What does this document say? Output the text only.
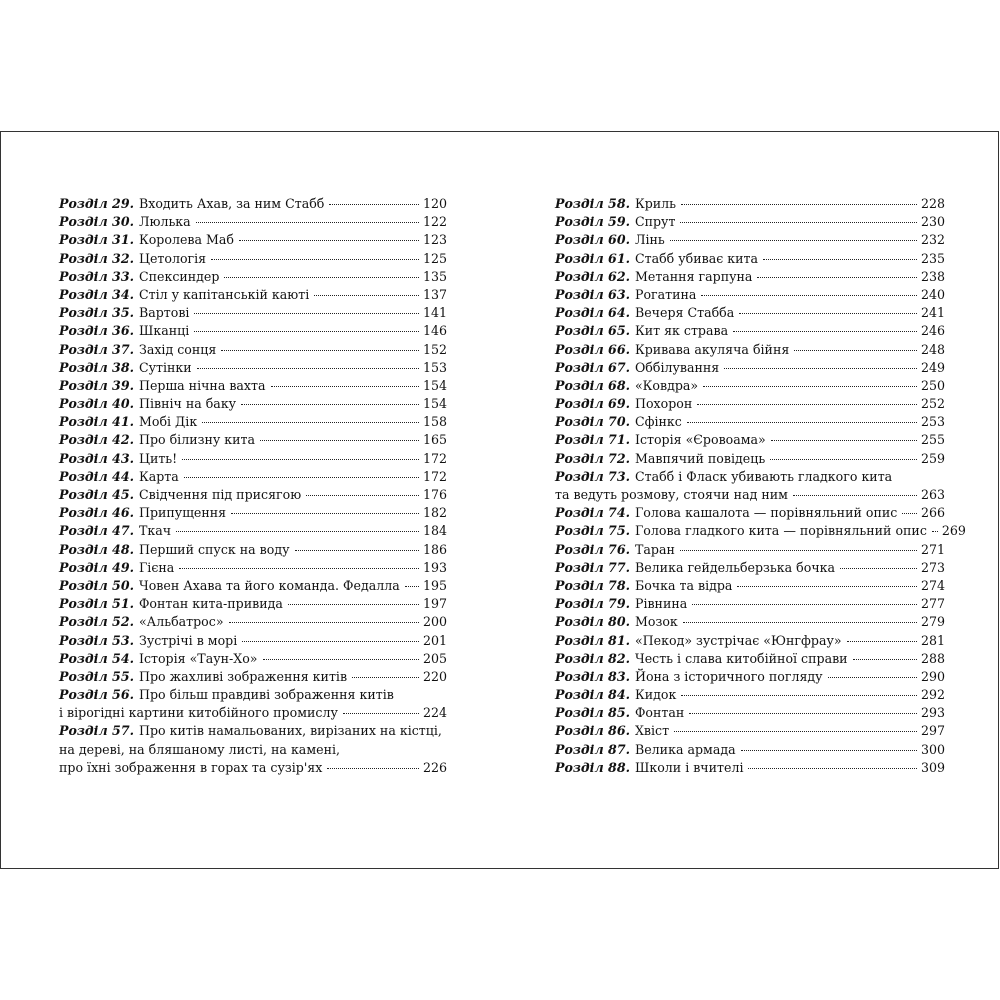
Розділ 29. Входить Ахав, за ним Стабб	120
Розділ 30. Люлька	122
Розділ 31. Королева Маб	123
Розділ 32. Цетологія	125
Розділ 33. Спексиндер	135
Розділ 34. Стіл у капітанській каюті	137
Розділ 35. Вартові	141
Розділ 36. Шканці	146
Розділ 37. Захід сонця	152
Розділ 38. Сутінки	153
Розділ 39. Перша нічна вахта	154
Розділ 40. Північ на баку	154
Розділ 41. Мобі Дік	158
Розділ 42. Про білизну кита	165
Розділ 43. Цить!	172
Розділ 44. Карта	172
Розділ 45. Свідчення під присягою	176
Розділ 46. Припущення	182
Розділ 47. Ткач	184
Розділ 48. Перший спуск на воду	186
Розділ 49. Гієна	193
Розділ 50. Човен Ахава та його команда. Федалла 195
Розділ 51. Фонтан кита-привида	197
Розділ 52. «Альбатрос»	200
Розділ 53. Зустрічі в морі	201
Розділ 54. Історія «Таун-Хо»	205
Розділ 55. Про жахливі зображення китів	220
Розділ 56. Про більш правдиві зображення китів
і вірогідні картини китобійного промислу	224
Розділ 57. Про китів намальованих, вирізаних на кістці,
на дереві, на бляшаному листі, на камені,
про їхні зображення в горах та сузір'ях	226
Розділ 58. Криль	228
Розділ 59. Спрут	230
Розділ 60. Лінь	232
Розділ 61. Стабб убиває кита	235
Розділ 62. Метання гарпуна	238
Розділ 63. Рогатина	240
Розділ 64. Вечеря Стабба	241
Розділ 65. Кит як страва	246
Розділ 66. Кривава акуляча бійня	248
Розділ 67. Оббілування	249
Розділ 68. «Ковдра»	250
Розділ 69. Похорон	252
Розділ 70. Сфінкс	253
Розділ 71. Історія «Єровоама»	255
Розділ 72. Мавпячий повідець	259
Розділ 73. Стабб і Фласк убивають гладкого кита
та ведуть розмову, стоячи над ним	263
Розділ 74. Голова кашалота — порівняльний опис 266
Розділ 75. Голова гладкого кита — порівняльний опис 269
Розділ 76. Таран	271
Розділ 77. Велика гейдельберзька бочка	273
Розділ 78. Бочка та відра	274
Розділ 79. Рівнина	277
Розділ 80. Мозок	279
Розділ 81. «Пекод» зустрічає «Юнгфрау»	281
Розділ 82. Честь і слава китобійної справи	288
Розділ 83. Йона з історичного погляду	290
Розділ 84. Кидок	292
Розділ 85. Фонтан	293
Розділ 86. Хвіст	297
Розділ 87. Велика армада	300
Розділ 88. Школи і вчителі	309
